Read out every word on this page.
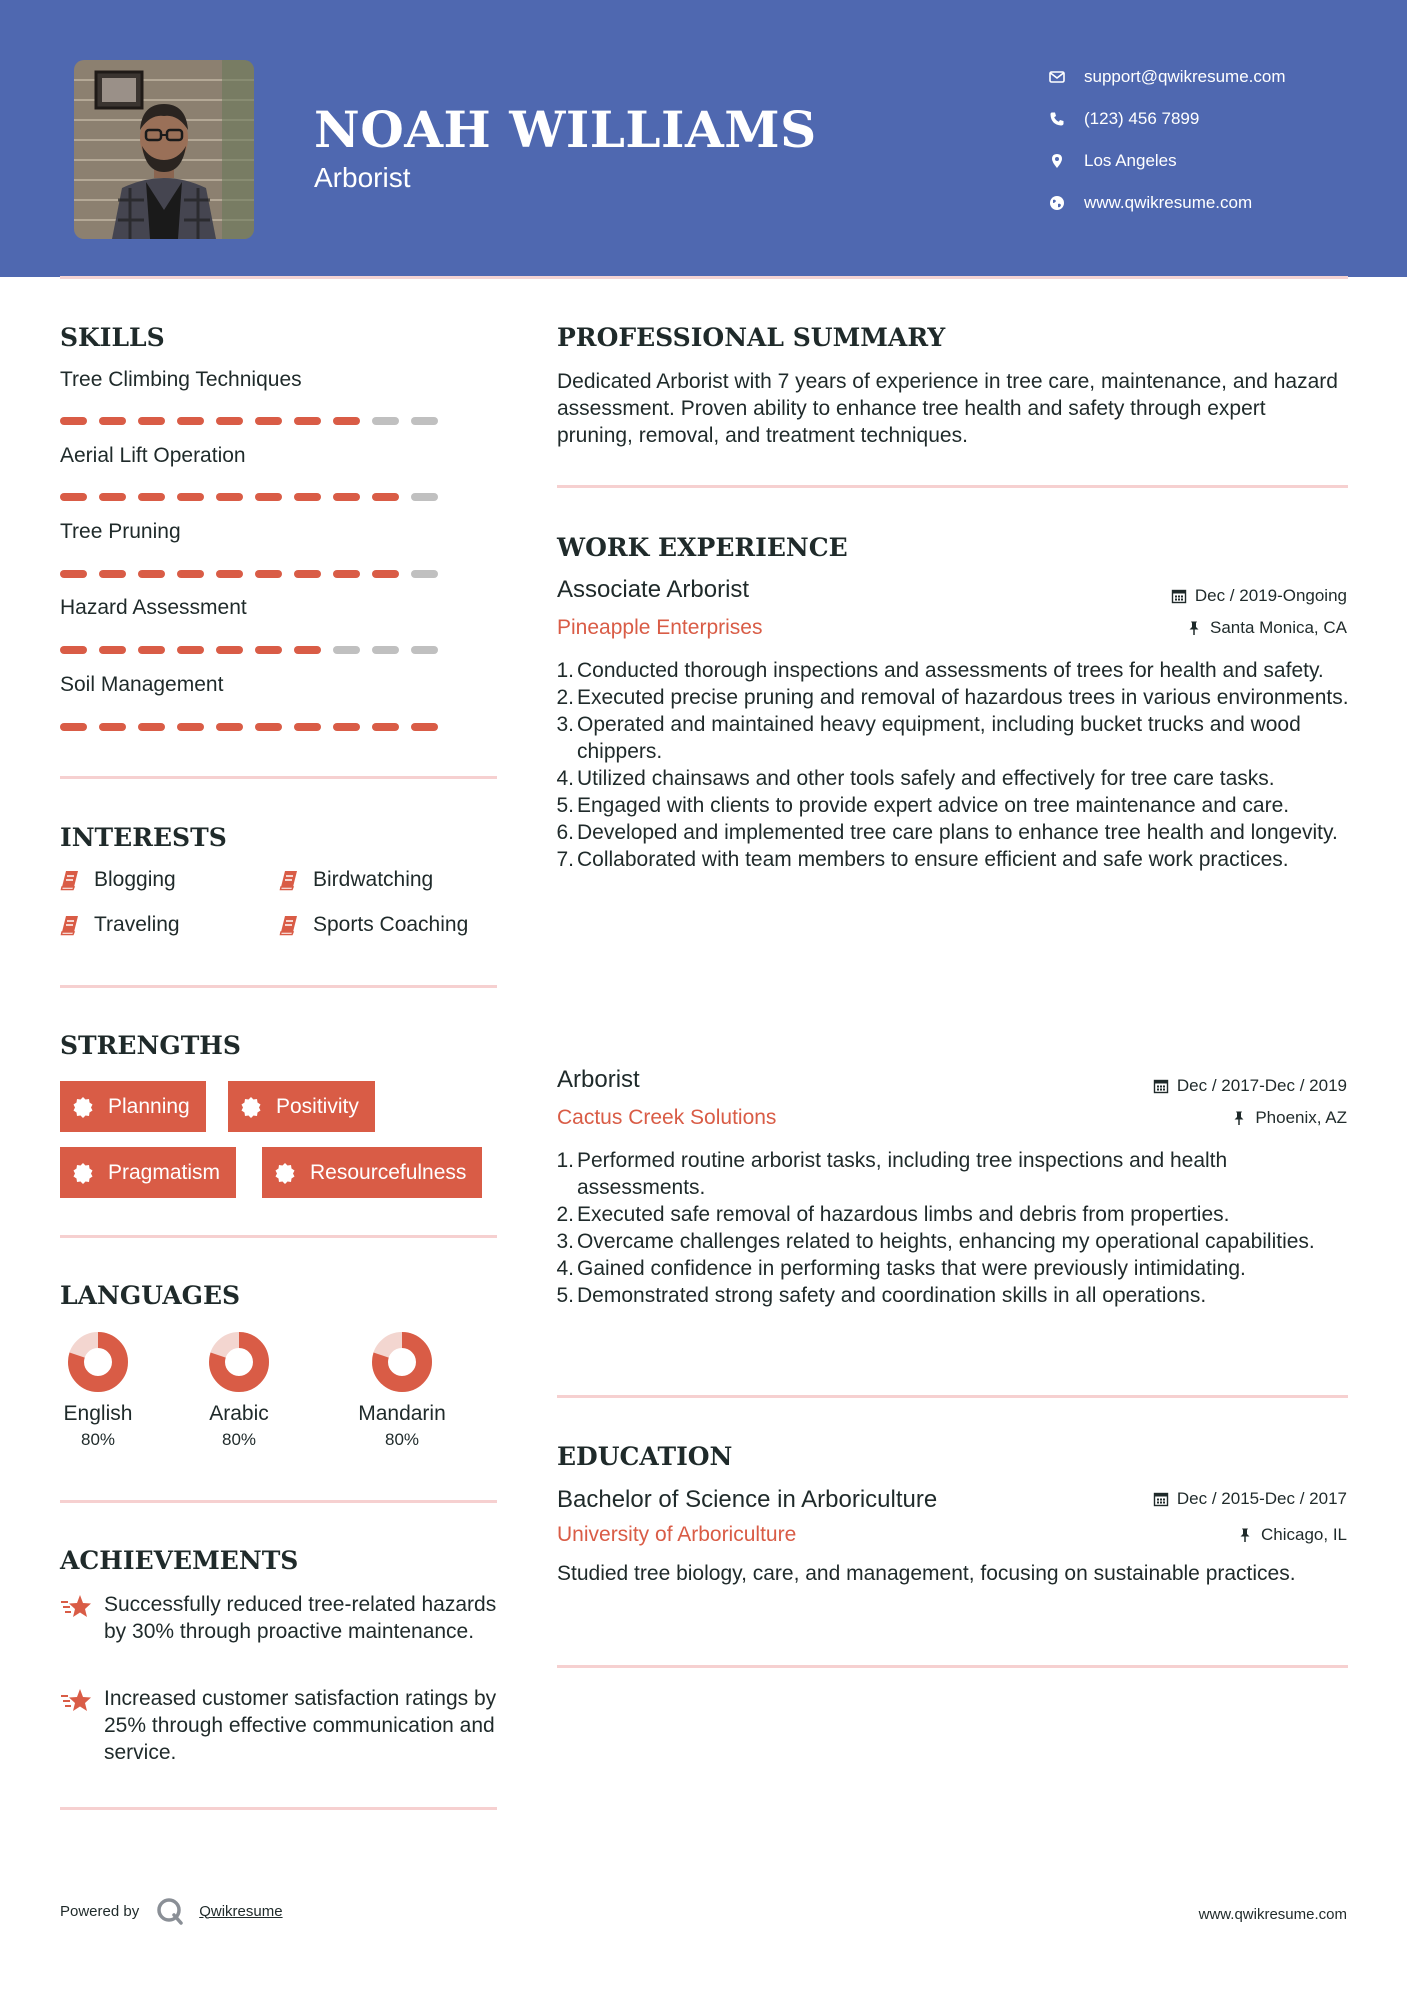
NOAH WILLIAMS
Arborist
support@qwikresume.com
(123) 456 7899
Los Angeles
www.qwikresume.com
SKILLS
Tree Climbing Techniques
Aerial Lift Operation
Tree Pruning
Hazard Assessment
Soil Management
INTERESTS
Blogging	Birdwatching
Traveling	Sports Coaching
STRENGTHS
Planning	Positivity
Pragmatism	Resourcefulness
LANGUAGES
English
80%
Arabic
80%
Mandarin
80%
ACHIEVEMENTS
Successfully reduced tree-related hazards by 30% through proactive maintenance.
Increased customer satisfaction ratings by 25% through effective communication and service.
PROFESSIONAL SUMMARY
Dedicated Arborist with 7 years of experience in tree care, maintenance, and hazard assessment. Proven ability to enhance tree health and safety through expert pruning, removal, and treatment techniques.
WORK EXPERIENCE
Associate Arborist	Dec / 2019-Ongoing
Pineapple Enterprises	Santa Monica, CA
1. Conducted thorough inspections and assessments of trees for health and safety.
2. Executed precise pruning and removal of hazardous trees in various environments.
3. Operated and maintained heavy equipment, including bucket trucks and wood chippers.
4. Utilized chainsaws and other tools safely and effectively for tree care tasks.
5. Engaged with clients to provide expert advice on tree maintenance and care.
6. Developed and implemented tree care plans to enhance tree health and longevity.
7. Collaborated with team members to ensure efficient and safe work practices.
Arborist	Dec / 2017-Dec / 2019
Cactus Creek Solutions	Phoenix, AZ
1. Performed routine arborist tasks, including tree inspections and health assessments.
2. Executed safe removal of hazardous limbs and debris from properties.
3. Overcame challenges related to heights, enhancing my operational capabilities.
4. Gained confidence in performing tasks that were previously intimidating.
5. Demonstrated strong safety and coordination skills in all operations.
EDUCATION
Bachelor of Science in Arboriculture	Dec / 2015-Dec / 2017
University of Arboriculture	Chicago, IL
Studied tree biology, care, and management, focusing on sustainable practices.
Powered by	Qwikresume	www.qwikresume.com
